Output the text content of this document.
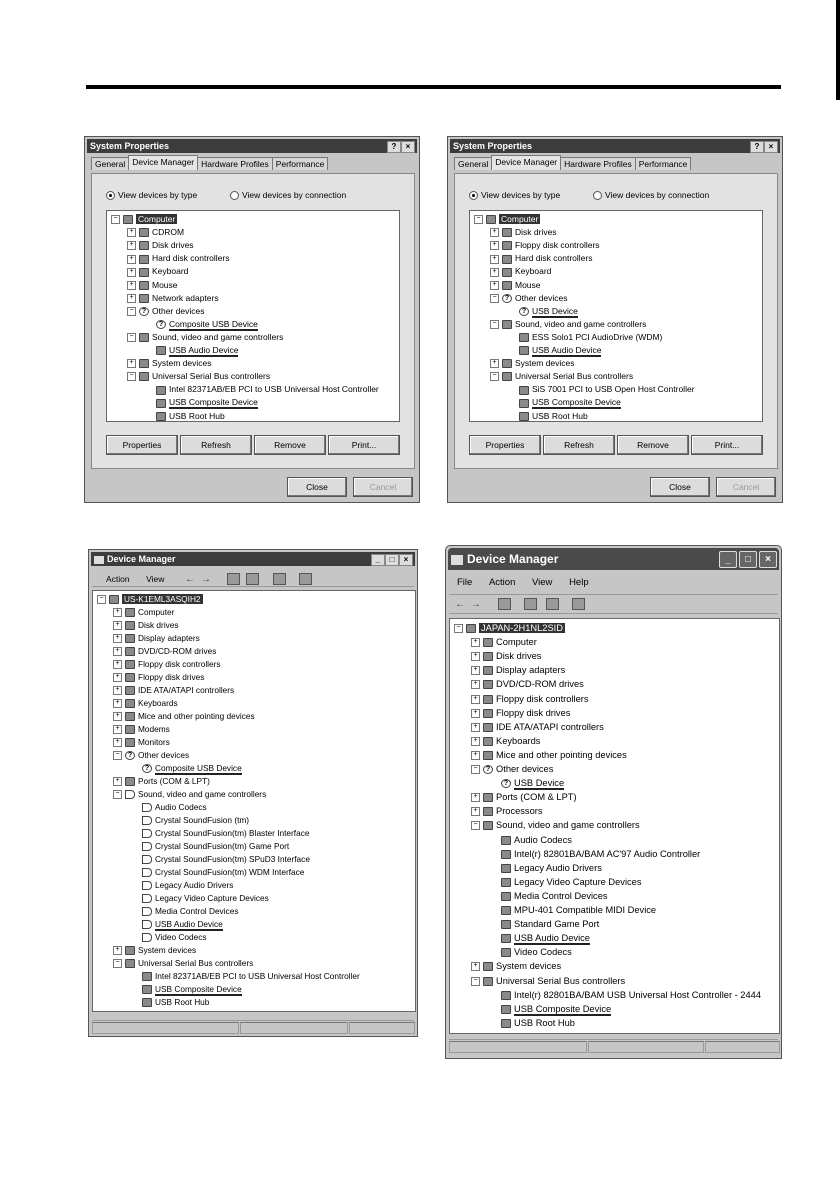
System Properties	?	×
General Device Manager Hardware Profiles Performance
View devices by type	View devices by connection
− Computer
+ CDROM
+ Disk drives
+ Hard disk controllers
+ Keyboard
+ Mouse
+ Network adapters
− ? Other devices
? Composite USB Device
− Sound, video and game controllers
USB Audio Device
+ System devices
− Universal Serial Bus controllers
Intel 82371AB/EB PCI to USB Universal Host Controller
USB Composite Device
USB Root Hub
Properties	Refresh	Remove	Print...
Close	Cancel
System Properties	?	×
General Device Manager Hardware Profiles Performance
View devices by type	View devices by connection
− Computer
+ Disk drives
+ Floppy disk controllers
+ Hard disk controllers
+ Keyboard
+ Mouse
− ? Other devices
? USB Device
− Sound, video and game controllers
ESS Solo1 PCI AudioDrive (WDM)
USB Audio Device
+ System devices
− Universal Serial Bus controllers
SiS 7001 PCI to USB Open Host Controller
USB Composite Device
USB Root Hub
Properties	Refresh	Remove	Print...
Close	Cancel
Device Manager	_	□	×
Action View ← →
− US-K1EML3ASQIH2
+ Computer
+ Disk drives
+ Display adapters
+ DVD/CD-ROM drives
+ Floppy disk controllers
+ Floppy disk drives
+ IDE ATA/ATAPI controllers
+ Keyboards
+ Mice and other pointing devices
+ Modems
+ Monitors
− ? Other devices
? Composite USB Device
+ Ports (COM & LPT)
− Sound, video and game controllers
Audio Codecs
Crystal SoundFusion (tm)
Crystal SoundFusion(tm) Blaster Interface
Crystal SoundFusion(tm) Game Port
Crystal SoundFusion(tm) SPuD3 Interface
Crystal SoundFusion(tm) WDM Interface
Legacy Audio Drivers
Legacy Video Capture Devices
Media Control Devices
USB Audio Device
Video Codecs
+ System devices
− Universal Serial Bus controllers
Intel 82371AB/EB PCI to USB Universal Host Controller
USB Composite Device
USB Root Hub
Device Manager	_	□	×
File Action View Help
← →
− JAPAN-2H1NL2SID
+ Computer
+ Disk drives
+ Display adapters
+ DVD/CD-ROM drives
+ Floppy disk controllers
+ Floppy disk drives
+ IDE ATA/ATAPI controllers
+ Keyboards
+ Mice and other pointing devices
− ? Other devices
? USB Device
+ Ports (COM & LPT)
+ Processors
− Sound, video and game controllers
Audio Codecs
Intel(r) 82801BA/BAM AC'97 Audio Controller
Legacy Audio Drivers
Legacy Video Capture Devices
Media Control Devices
MPU-401 Compatible MIDI Device
Standard Game Port
USB Audio Device
Video Codecs
+ System devices
− Universal Serial Bus controllers
Intel(r) 82801BA/BAM USB Universal Host Controller - 2444
USB Composite Device
USB Root Hub
